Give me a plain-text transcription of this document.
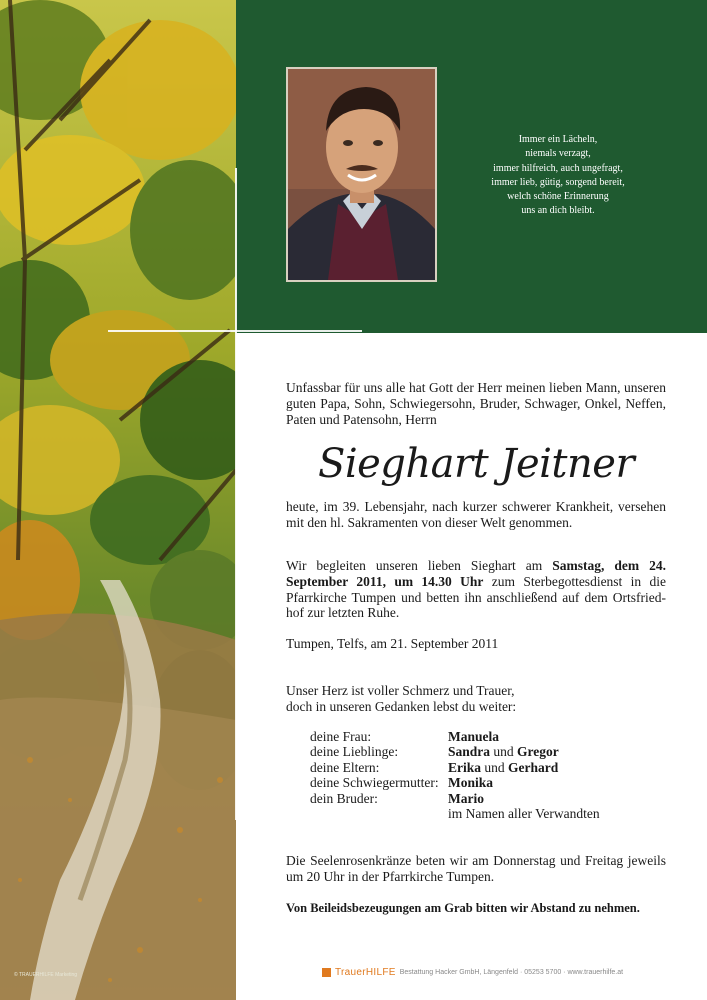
Immer ein Lächeln,
niemals verzagt,
immer hilfreich, auch ungefragt,
immer lieb, gütig, sorgend bereit,
welch schöne Erinnerung
uns an dich bleibt.
Unfassbar für uns alle hat Gott der Herr meinen lieben Mann, unseren guten Papa, Sohn, Schwiegersohn, Bruder, Schwager, Onkel, Neffen, Paten und Patensohn, Herrn
Sieghart Jeitner
heute, im 39. Lebensjahr, nach kurzer schwerer Krankheit, versehen mit den hl. Sakramenten von dieser Welt genommen.
Wir begleiten unseren lieben Sieghart am Samstag, dem 24. September 2011, um 14.30 Uhr zum Sterbegottesdienst in die Pfarrkirche Tumpen und betten ihn anschließend auf dem Ortsfriedhof zur letzten Ruhe.
Tumpen, Telfs, am 21. September 2011
Unser Herz ist voller Schmerz und Trauer,
doch in unseren Gedanken lebst du weiter:
deine Frau:	Manuela
deine Lieblinge:	Sandra und Gregor
deine Eltern:	Erika und Gerhard
deine Schwiegermutter: Monika
dein Bruder:	Mario
im Namen aller Verwandten
Die Seelenrosenkränze beten wir am Donnerstag und Freitag jeweils um 20 Uhr in der Pfarrkirche Tumpen.
Von Beileidsbezeugungen am Grab bitten wir Abstand zu nehmen.
TrauerHILFE Bestattung Hacker GmbH, Längenfeld · 05253 5700 · www.trauerhilfe.at
© TRAUERHILFE Marketing
